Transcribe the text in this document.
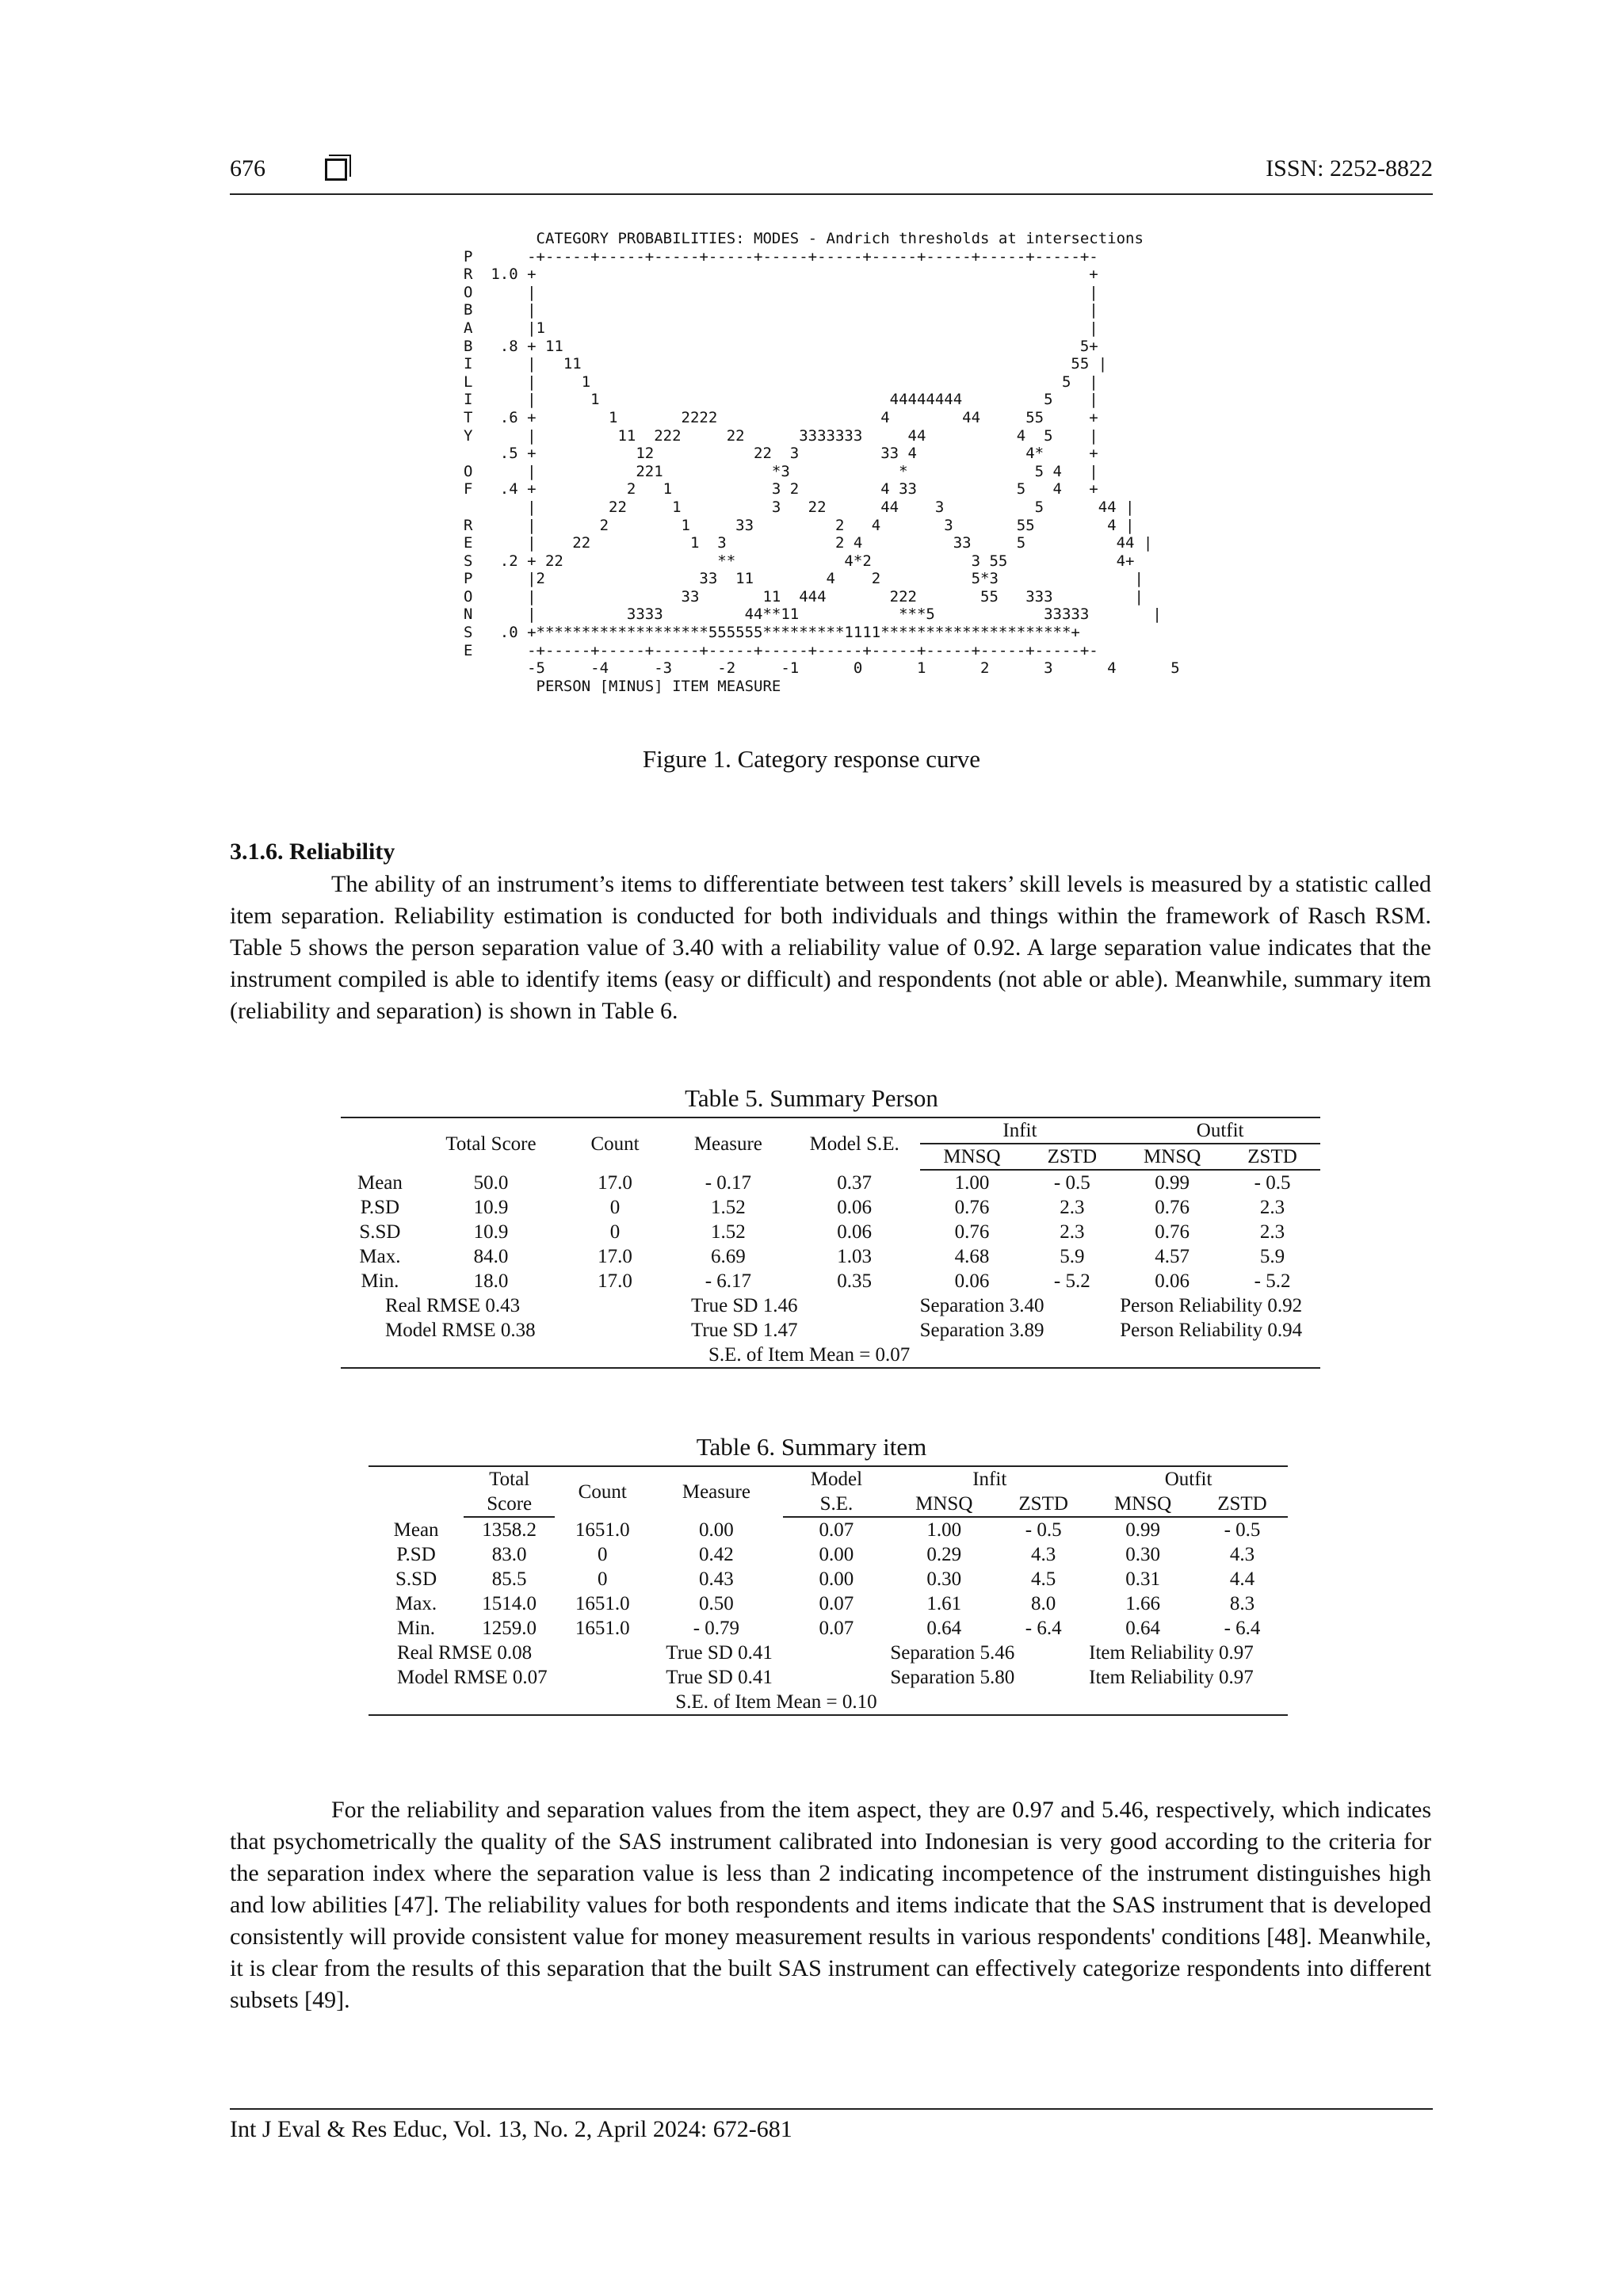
676	ISSN: 2252-8822
CATEGORY PROBABILITIES: MODES - Andrich thresholds at intersections
P      -+-----+-----+-----+-----+-----+-----+-----+-----+-----+-----+-
R  1.0 +                                                             +
O      |                                                             |
B      |                                                             |
A      |1                                                            |
B   .8 + 11                                                         5+
I      |   11                                                      55 |
L      |     1                                                    5  |
I      |      1                                44444444         5    |
T   .6 +        1       2222                  4        44     55     +
Y      |         11  222     22      3333333     44          4  5    |
.5 +           12           22  3         33 4            4*     +
O      |           221            *3            *              5 4   |
F   .4 +          2   1           3 2         4 33           5   4   +
|        22     1          3   22      44    3          5      44 |
R      |       2        1     33         2   4       3       55        4 |
E      |    22           1  3            2 4          33     5          44 |
S   .2 + 22                 **            4*2           3 55            4+
P      |2                 33  11        4    2          5*3               |
O      |                33       11  444       222       55   333         |
N      |          3333         44**11           ***5            33333       |
S   .0 +*******************555555*********1111*********************+
E      -+-----+-----+-----+-----+-----+-----+-----+-----+-----+-----+-
-5     -4     -3     -2     -1      0      1      2      3      4      5
PERSON [MINUS] ITEM MEASURE
Figure 1. Category response curve
3.1.6. Reliability

The ability of an instrument’s items to differentiate between test takers’ skill levels is measured by a statistic called item separation. Reliability estimation is conducted for both individuals and things within the framework of Rasch RSM. Table 5 shows the person separation value of 3.40 with a reliability value of 0.92. A large separation value indicates that the instrument compiled is able to identify items (easy or difficult) and respondents (not able or able). Meanwhile, summary item (reliability and separation) is shown in Table 6.

Table 5. Summary Person
	Total Score	Count	Measure	Model S.E.	Infit		Outfit	
					MNSQ	ZSTD	MNSQ	ZSTD
Mean	50.0	17.0	- 0.17	0.37	1.00	- 0.5	0.99	- 0.5
P.SD	10.9	0	1.52	0.06	0.76	2.3	0.76	2.3
S.SD	10.9	0	1.52	0.06	0.76	2.3	0.76	2.3
Max.	84.0	17.0	6.69	1.03	4.68	5.9	4.57	5.9
Min.	18.0	17.0	- 6.17	0.35	0.06	- 5.2	0.06	- 5.2
Real RMSE 0.43			True SD 1.46		Separation 3.40		Person Reliability 0.92	
Model RMSE 0.38			True SD 1.47		Separation 3.89		Person Reliability 0.94	
			S.E. of Item Mean = 0.07					
Table 6. Summary item
	Total	Count	Measure	Model	Infit		Outfit	
	Score			S.E.	MNSQ	ZSTD	MNSQ	ZSTD
Mean	1358.2	1651.0	0.00	0.07	1.00	- 0.5	0.99	- 0.5
P.SD	83.0	0	0.42	0.00	0.29	4.3	0.30	4.3
S.SD	85.5	0	0.43	0.00	0.30	4.5	0.31	4.4
Max.	1514.0	1651.0	0.50	0.07	1.61	8.0	1.66	8.3
Min.	1259.0	1651.0	- 0.79	0.07	0.64	- 6.4	0.64	- 6.4
Real RMSE 0.08			True SD 0.41		Separation 5.46		Item Reliability 0.97	
Model RMSE 0.07			True SD 0.41		Separation 5.80		Item Reliability 0.97	
			S.E. of Item Mean = 0.10					

For the reliability and separation values from the item aspect, they are 0.97 and 5.46, respectively, which indicates that psychometrically the quality of the SAS instrument calibrated into Indonesian is very good according to the criteria for the separation index where the separation value is less than 2 indicating incompetence of the instrument distinguishes high and low abilities [47]. The reliability values for both respondents and items indicate that the SAS instrument that is developed consistently will provide consistent value for money measurement results in various respondents' conditions [48]. Meanwhile, it is clear from the results of this separation that the built SAS instrument can effectively categorize respondents into different subsets [49].

Int J Eval & Res Educ, Vol. 13, No. 2, April 2024: 672-681
